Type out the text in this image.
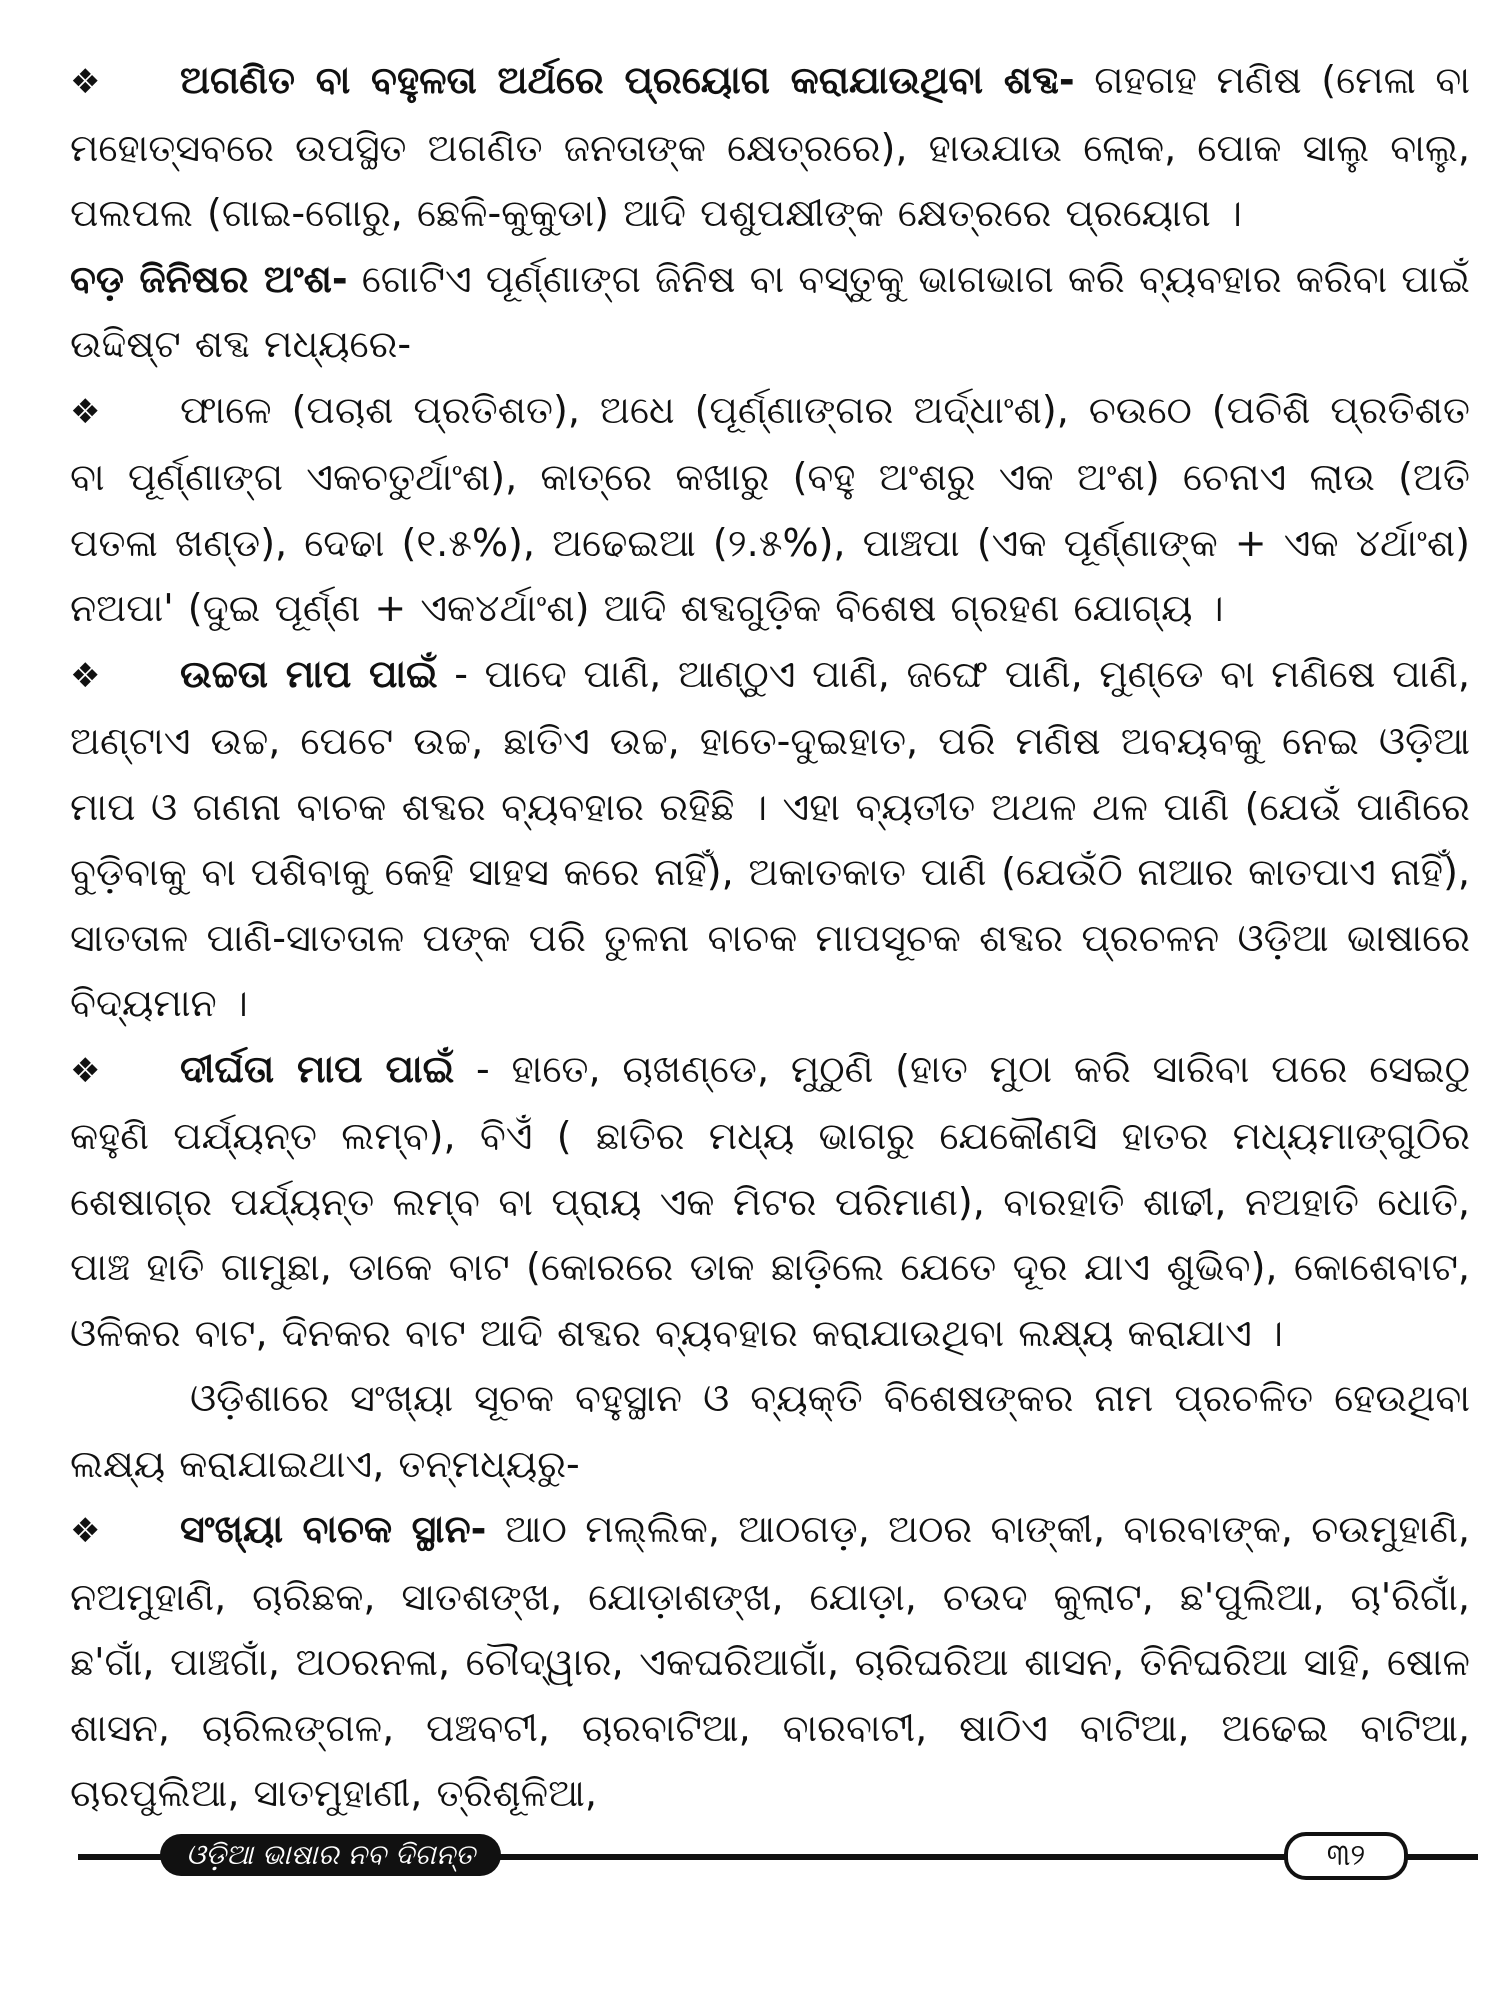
❖ ଅଗଣିତ ବା ବହୁଳତା ଅର୍ଥରେ ପ୍ରୟୋଗ କରାଯାଉଥିବା ଶବ୍ଦ- ଗହଗହ ମଣିଷ (ମେଳା ବା ମହୋତ୍ସବରେ ଉପସ୍ଥିତ ଅଗଣିତ ଜନତାଙ୍କ କ୍ଷେତ୍ରରେ), ହାଉଯାଉ ଲୋକ, ପୋକ ସାଲୁ ବାଲୁ, ପଲପଲ (ଗାଇ-ଗୋରୁ, ଛେଳି-କୁକୁଡା) ଆଦି ପଶୁପକ୍ଷୀଙ୍କ କ୍ଷେତ୍ରରେ ପ୍ରୟୋଗ ।

ବଡ଼ ଜିନିଷର ଅଂଶ- ଗୋଟିଏ ପୂର୍ଣ୍ଣାଙ୍ଗ ଜିନିଷ ବା ବସ୍ତୁକୁ ଭାଗଭାଗ କରି ବ୍ୟବହାର କରିବା ପାଇଁ ଉଦ୍ଦିଷ୍ଟ ଶବ୍ଦ ମଧ୍ୟରେ-

❖ ଫାଳେ (ପଚାଶ ପ୍ରତିଶତ), ଅଧେ (ପୂର୍ଣ୍ଣାଙ୍ଗର ଅର୍ଦ୍ଧାଂଶ), ଚଉଠେ (ପଚିଶି ପ୍ରତିଶତ ବା ପୂର୍ଣ୍ଣାଙ୍ଗ ଏକଚତୁର୍ଥାଂଶ), କାତ୍ରେ କଖାରୁ (ବହୁ ଅଂଶରୁ ଏକ ଅଂଶ) ଚେନାଏ ଲାଉ (ଅତି ପତଳା ଖଣ୍ଡ), ଦେଢା (୧.୫%), ଅଢେଇଆ (୨.୫%), ପାଞ୍ଚପା (ଏକ ପୂର୍ଣ୍ଣାଙ୍କ + ଏକ ୪ର୍ଥାଂଶ) ନଅପା' (ଦୁଇ ପୂର୍ଣ୍ଣ + ଏକ୪ର୍ଥାଂଶ) ଆଦି ଶବ୍ଦଗୁଡ଼ିକ ବିଶେଷ ଗ୍ରହଣ ଯୋଗ୍ୟ ।

❖ ଉଚ୍ଚତା ମାପ ପାଇଁ - ପାଦେ ପାଣି, ଆଣ୍ଠୁଏ ପାଣି, ଜଙ୍ଘେ ପାଣି, ମୁଣ୍ଡେ ବା ମଣିଷେ ପାଣି, ଅଣ୍ଟାଏ ଉଚ୍ଚ, ପେଟେ ଉଚ୍ଚ, ଛାତିଏ ଉଚ୍ଚ, ହାତେ-ଦୁଇହାତ, ପରି ମଣିଷ ଅବୟବକୁ ନେଇ ଓଡ଼ିଆ ମାପ ଓ ଗଣନା ବାଚକ ଶବ୍ଦର ବ୍ୟବହାର ରହିଛି । ଏହା ବ୍ୟତୀତ ଅଥଳ ଥଳ ପାଣି (ଯେଉଁ ପାଣିରେ ବୁଡ଼ିବାକୁ ବା ପଶିବାକୁ କେହି ସାହସ କରେ ନାହିଁ), ଅକାତକାତ ପାଣି (ଯେଉଁଠି ନାଆର କାତପାଏ ନାହିଁ), ସାତତାଳ ପାଣି-ସାତତାଳ ପଙ୍କ ପରି ତୁଳନା ବାଚକ ମାପସୂଚକ ଶବ୍ଦର ପ୍ରଚଳନ ଓଡ଼ିଆ ଭାଷାରେ ବିଦ୍ୟମାନ ।

❖ ଦୀର୍ଘତା ମାପ ପାଇଁ - ହାତେ, ଚାଖଣ୍ଡେ, ମୁଠୁଣି (ହାତ ମୁଠା କରି ସାରିବା ପରେ ସେଇଠୁ କହୁଣି ପର୍ଯ୍ୟନ୍ତ ଲମ୍ବ), ବିଏଁ ( ଛାତିର ମଧ୍ୟ ଭାଗରୁ ଯେକୌଣସି ହାତର ମଧ୍ୟମାଙ୍ଗୁଠିର ଶେଷାଗ୍ର ପର୍ଯ୍ୟନ୍ତ ଲମ୍ବ ବା ପ୍ରାୟ ଏକ ମିଟର ପରିମାଣ), ବାରହାତି ଶାଢୀ, ନଅହାତି ଧୋତି, ପାଞ୍ଚ ହାତି ଗାମୁଛା, ଡାକେ ବାଟ (କୋରରେ ଡାକ ଛାଡ଼ିଲେ ଯେତେ ଦୂର ଯାଏ ଶୁଭିବ), କୋଶେବାଟ, ଓଳିକର ବାଟ, ଦିନକର ବାଟ ଆଦି ଶବ୍ଦର ବ୍ୟବହାର କରାଯାଉଥିବା ଲକ୍ଷ୍ୟ କରାଯାଏ ।

ଓଡ଼ିଶାରେ ସଂଖ୍ୟା ସୂଚକ ବହୁସ୍ଥାନ ଓ ବ୍ୟକ୍ତି ବିଶେଷଙ୍କର ନାମ ପ୍ରଚଳିତ ହେଉଥିବା ଲକ୍ଷ୍ୟ କରାଯାଇଥାଏ, ତନ୍ମଧ୍ୟରୁ-

❖ ସଂଖ୍ୟା ବାଚକ ସ୍ଥାନ- ଆଠ ମଲ୍ଲିକ, ଆଠଗଡ଼, ଅଠର ବାଙ୍କୀ, ବାରବାଙ୍କ, ଚଉମୁହାଣି, ନଅମୁହାଣି, ଚାରିଛକ, ସାତଶଙ୍ଖ, ଯୋଡ଼ାଶଙ୍ଖ, ଯୋଡ଼ା, ଚଉଦ କୁଲାଟ, ଛ'ପୁଲିଆ, ଚା'ରିଗାଁ, ଛ'ଗାଁ, ପାଞ୍ଚଗାଁ, ଅଠରନଳା, ଚୌଦ୍ୱାର, ଏକଘରିଆଗାଁ, ଚାରିଘରିଆ ଶାସନ, ତିନିଘରିଆ ସାହି, ଷୋଳ ଶାସନ, ଚାରିଲଙ୍ଗଳ, ପଞ୍ଚବଟୀ, ଚାରବାଟିଆ, ବାରବାଟୀ, ଷାଠିଏ ବାଟିଆ, ଅଢେଇ ବାଟିଆ, ଚାରପୁଲିଆ, ସାତମୁହାଣୀ, ତ୍ରିଶୂଳିଆ,

ଓଡ଼ିଆ ଭାଷାର ନବ ଦିଗନ୍ତ	୩୨
